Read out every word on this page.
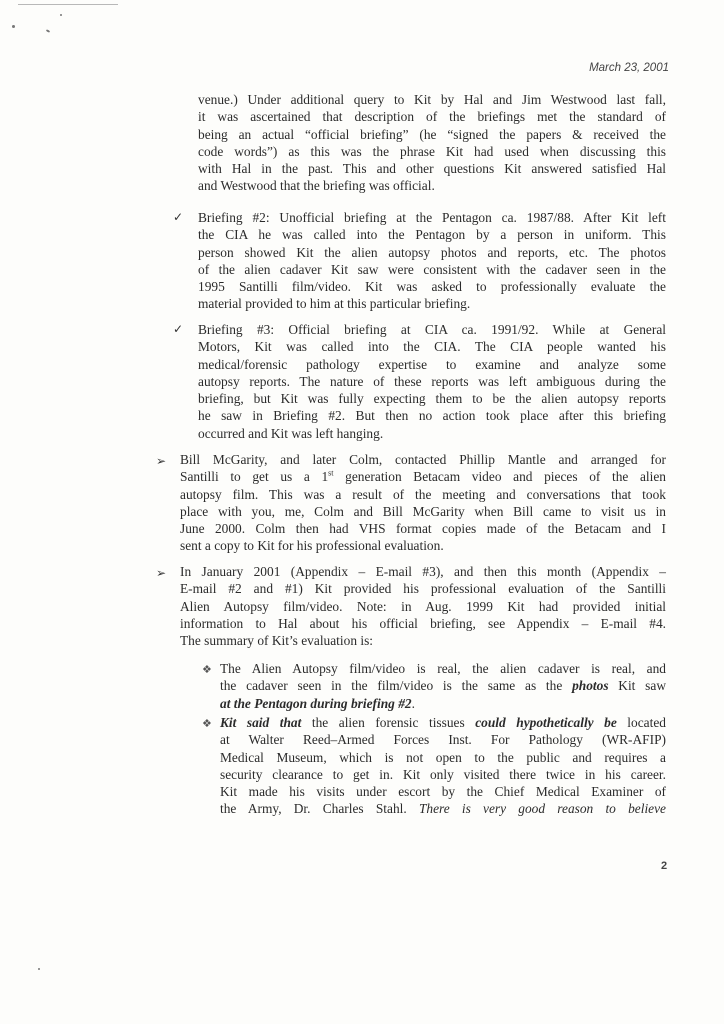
March 23, 2001
venue.) Under additional query to Kit by Hal and Jim Westwood last fall,
it was ascertained that description of the briefings met the standard of
being an actual “official briefing” (he “signed the papers & received the
code words”) as this was the phrase Kit had used when discussing this
with Hal in the past. This and other questions Kit answered satisfied Hal
and Westwood that the briefing was official.
✓ Briefing #2: Unofficial briefing at the Pentagon ca. 1987/88. After Kit left
the CIA he was called into the Pentagon by a person in uniform. This
person showed Kit the alien autopsy photos and reports, etc. The photos
of the alien cadaver Kit saw were consistent with the cadaver seen in the
1995 Santilli film/video. Kit was asked to professionally evaluate the
material provided to him at this particular briefing.
✓ Briefing #3: Official briefing at CIA ca. 1991/92. While at General
Motors, Kit was called into the CIA. The CIA people wanted his
medical/forensic pathology expertise to examine and analyze some
autopsy reports. The nature of these reports was left ambiguous during the
briefing, but Kit was fully expecting them to be the alien autopsy reports
he saw in Briefing #2. But then no action took place after this briefing
occurred and Kit was left hanging.
➢ Bill McGarity, and later Colm, contacted Phillip Mantle and arranged for
Santilli to get us a 1st generation Betacam video and pieces of the alien
autopsy film. This was a result of the meeting and conversations that took
place with you, me, Colm and Bill McGarity when Bill came to visit us in
June 2000. Colm then had VHS format copies made of the Betacam and I
sent a copy to Kit for his professional evaluation.
➢ In January 2001 (Appendix – E-mail #3), and then this month (Appendix –
E-mail #2 and #1) Kit provided his professional evaluation of the Santilli
Alien Autopsy film/video. Note: in Aug. 1999 Kit had provided initial
information to Hal about his official briefing, see Appendix – E-mail #4.
The summary of Kit’s evaluation is:
❖ The Alien Autopsy film/video is real, the alien cadaver is real, and
the cadaver seen in the film/video is the same as the photos Kit saw
at the Pentagon during briefing #2.
❖ Kit said that the alien forensic tissues could hypothetically be located
at Walter Reed–Armed Forces Inst. For Pathology (WR-AFIP)
Medical Museum, which is not open to the public and requires a
security clearance to get in. Kit only visited there twice in his career.
Kit made his visits under escort by the Chief Medical Examiner of
the Army, Dr. Charles Stahl. There is very good reason to believe
2
